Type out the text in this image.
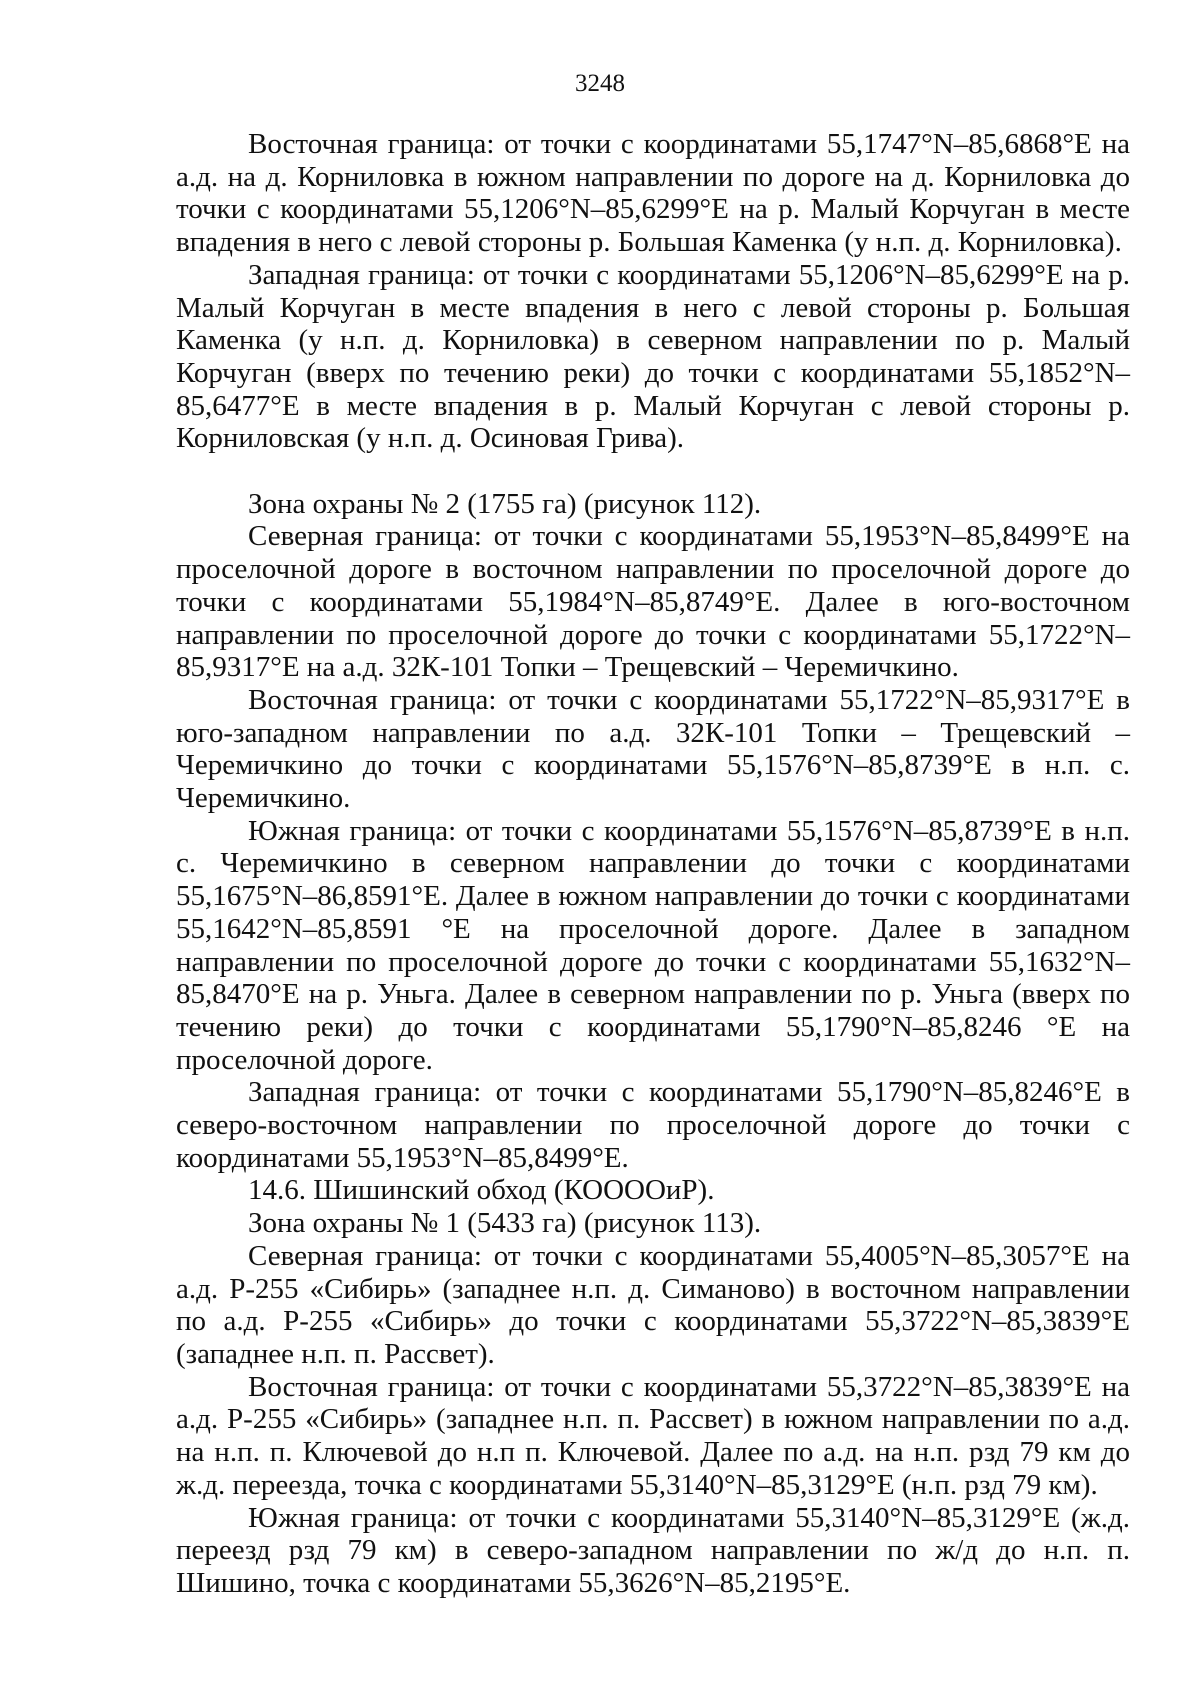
3248

Восточная граница: от точки с координатами 55,1747°N–85,6868°E на а.д. на д. Корниловка в южном направлении по дороге на д. Корниловка до точки с координатами 55,1206°N–85,6299°E на р. Малый Корчуган в месте впадения в него с левой стороны р. Большая Каменка (у н.п. д. Корниловка).

Западная граница: от точки с координатами 55,1206°N–85,6299°E на р. Малый Корчуган в месте впадения в него с левой стороны р. Большая Каменка (у н.п. д. Корниловка) в северном направлении по р. Малый Корчуган (вверх по течению реки) до точки с координатами 55,1852°N–85,6477°E в месте впадения в р. Малый Корчуган с левой стороны р. Корниловская (у н.п. д. Осиновая Грива).

Зона охраны № 2 (1755 га) (рисунок 112).

Северная граница: от точки с координатами 55,1953°N–85,8499°E на проселочной дороге в восточном направлении по проселочной дороге до точки с координатами 55,1984°N–85,8749°E. Далее в юго-восточном направлении по проселочной дороге до точки с координатами 55,1722°N–85,9317°E на а.д. 32К-101 Топки – Трещевский – Черемичкино.

Восточная граница: от точки с координатами 55,1722°N–85,9317°E в юго-западном направлении по а.д. 32К-101 Топки – Трещевский – Черемичкино до точки с координатами 55,1576°N–85,8739°E в н.п. с. Черемичкино.

Южная граница: от точки с координатами 55,1576°N–85,8739°E в н.п. с. Черемичкино в северном направлении до точки с координатами 55,1675°N–86,8591°E. Далее в южном направлении до точки с координатами 55,1642°N–85,8591 °E на проселочной дороге. Далее в западном направлении по проселочной дороге до точки с координатами 55,1632°N–85,8470°E на р. Уньга. Далее в северном направлении по р. Уньга (вверх по течению реки) до точки с координатами 55,1790°N–85,8246 °E на проселочной дороге.

Западная граница: от точки с координатами 55,1790°N–85,8246°E в северо-восточном направлении по проселочной дороге до точки с координатами 55,1953°N–85,8499°E.

14.6. Шишинский обход (КООООиР).

Зона охраны № 1 (5433 га) (рисунок 113).

Северная граница: от точки с координатами 55,4005°N–85,3057°E на а.д. Р-255 «Сибирь» (западнее н.п. д. Симаново) в восточном направлении по а.д. Р-255 «Сибирь» до точки с координатами 55,3722°N–85,3839°E (западнее н.п. п. Рассвет).

Восточная граница: от точки с координатами 55,3722°N–85,3839°E на а.д. Р-255 «Сибирь» (западнее н.п. п. Рассвет) в южном направлении по а.д. на н.п. п. Ключевой до н.п п. Ключевой. Далее по а.д. на н.п. рзд 79 км до ж.д. переезда, точка с координатами 55,3140°N–85,3129°E (н.п. рзд 79 км).

Южная граница: от точки с координатами 55,3140°N–85,3129°E (ж.д. переезд рзд 79 км) в северо-западном направлении по ж/д до н.п. п. Шишино, точка с координатами 55,3626°N–85,2195°E.
